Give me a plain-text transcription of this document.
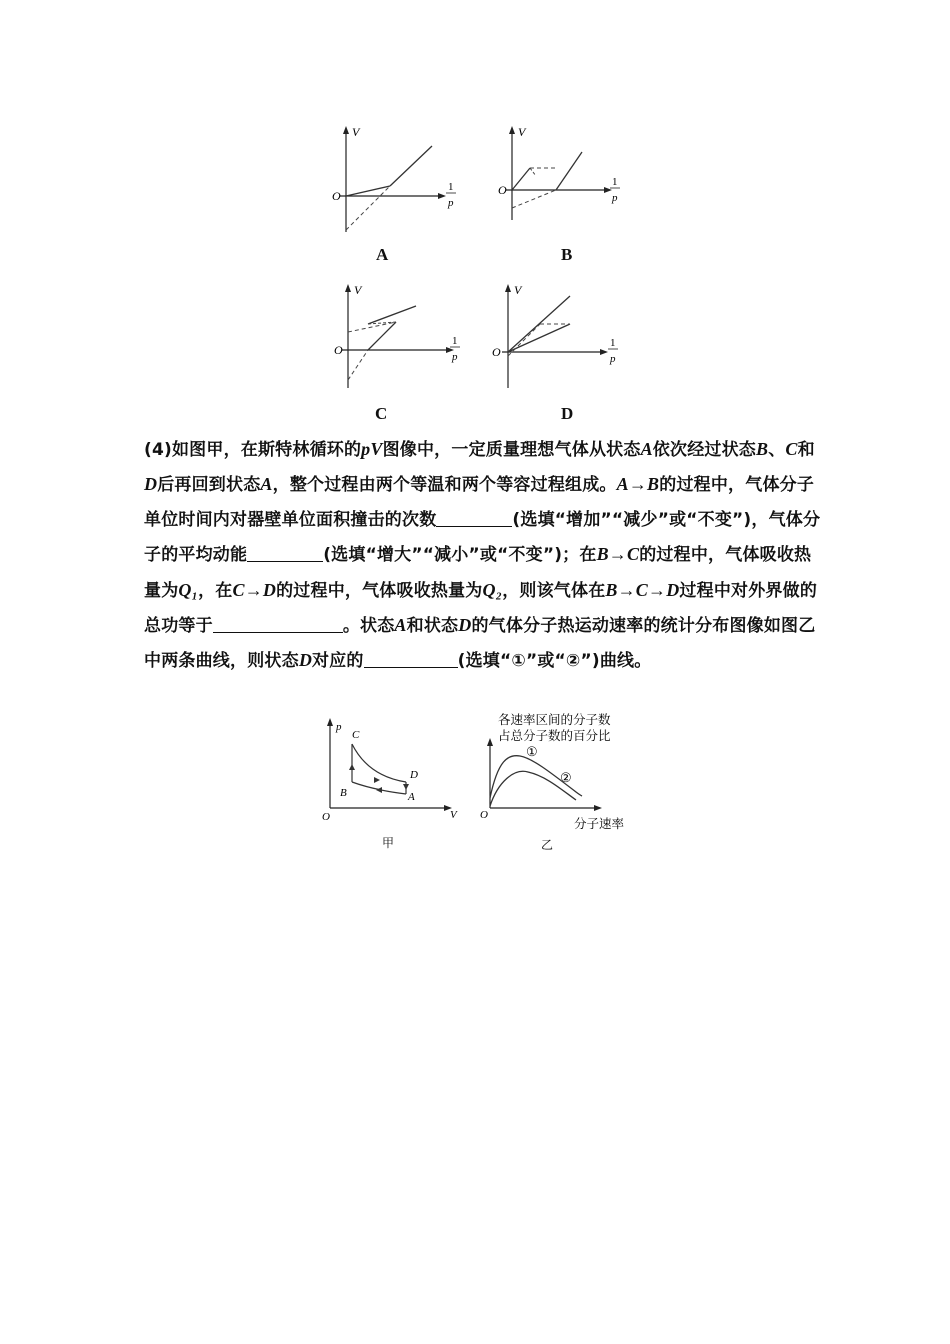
V
O
1
p
A
V
O
1
p
B
V
O
1
p
C
V
O
1
p
D

(4)如图甲，在斯特林循环的pV图像中，一定质量理想气体从状态A依次经过状态B、C和D后再回到状态A，整个过程由两个等温和两个等容过程组成。A→B的过程中，气体分子单位时间内对器壁单位面积撞击的次数	(选填“增加”“减少”或“不变”)，气体分子的平均动能	(选填“增大”“减小”或“不变”)；在B→C的过程中，气体吸收热量为Q₁，在C→D的过程中，气体吸收热量为Q₂，则该气体在B→C→D过程中对外界做的总功等于	。状态A和状态D的气体分子热运动速率的统计分布图像如图乙中两条曲线，则状态D对应的	(选填“①”或“②”)曲线。

p
C
D
B	A
O	V
甲
各速率区间的分子数
占总分子数的百分比
①
②
O
分子速率
乙
